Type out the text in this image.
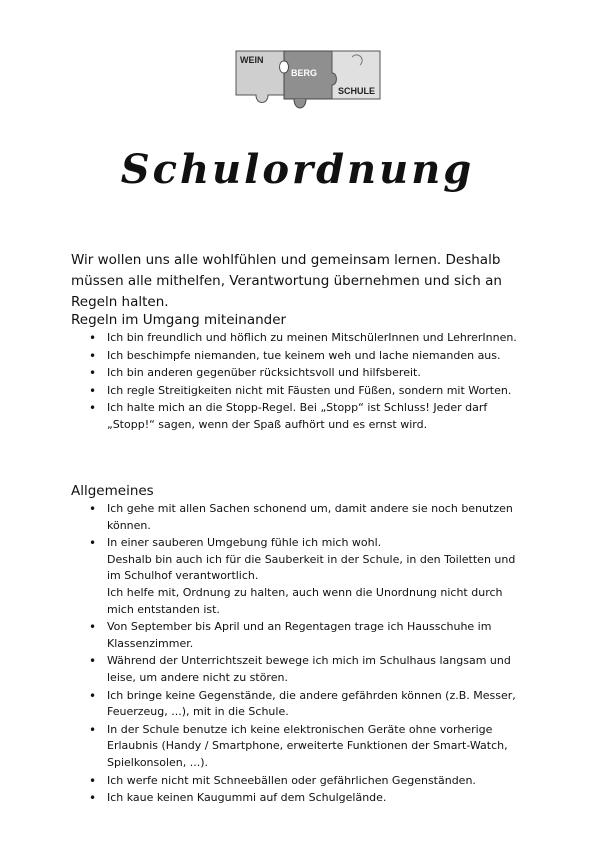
WEIN
BERG
SCHULE
Schulordnung

Wir wollen uns alle wohlfühlen und gemeinsam lernen. Deshalb müssen alle mithelfen, Verantwortung übernehmen und sich an Regeln halten.

Regeln im Umgang miteinander
• Ich bin freundlich und höflich zu meinen MitschülerInnen und LehrerInnen.
• Ich beschimpfe niemanden, tue keinem weh und lache niemanden aus.
• Ich bin anderen gegenüber rücksichtsvoll und hilfsbereit.
• Ich regle Streitigkeiten nicht mit Fäusten und Füßen, sondern mit Worten.
• Ich halte mich an die Stopp-Regel. Bei „Stopp“ ist Schluss! Jeder darf „Stopp!“ sagen, wenn der Spaß aufhört und es ernst wird.
Allgemeines
• Ich gehe mit allen Sachen schonend um, damit andere sie noch benutzen können.
• In einer sauberen Umgebung fühle ich mich wohl.
Deshalb bin auch ich für die Sauberkeit in der Schule, in den Toiletten und im Schulhof verantwortlich.
Ich helfe mit, Ordnung zu halten, auch wenn die Unordnung nicht durch mich entstanden ist.
• Von September bis April und an Regentagen trage ich Hausschuhe im Klassenzimmer.
• Während der Unterrichtszeit bewege ich mich im Schulhaus langsam und leise, um andere nicht zu stören.
• Ich bringe keine Gegenstände, die andere gefährden können (z.B. Messer, Feuerzeug, ...), mit in die Schule.
• In der Schule benutze ich keine elektronischen Geräte ohne vorherige Erlaubnis (Handy / Smartphone, erweiterte Funktionen der Smart-Watch, Spielkonsolen, ...).
• Ich werfe nicht mit Schneebällen oder gefährlichen Gegenständen.
• Ich kaue keinen Kaugummi auf dem Schulgelände.
